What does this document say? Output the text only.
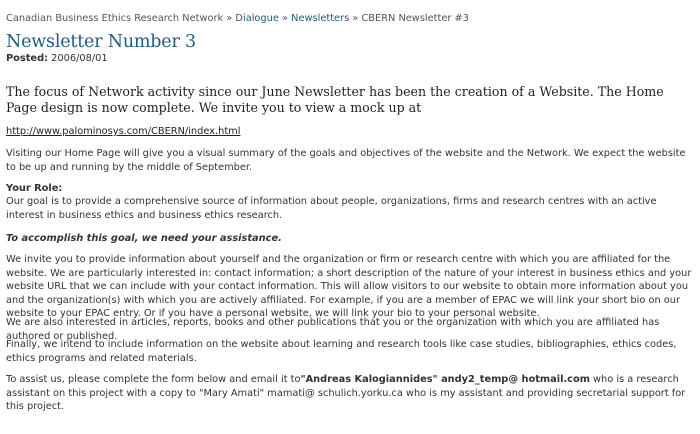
Canadian Business Ethics Research Network » Dialogue » Newsletters » CBERN Newsletter #3
Newsletter Number 3
Posted: 2006/08/01
The focus of Network activity since our June Newsletter has been the creation of a Website. The Home Page design is now complete. We invite you to view a mock up at
http://www.palominosys.com/CBERN/index.html
Visiting our Home Page will give you a visual summary of the goals and objectives of the website and the Network. We expect the website to be up and running by the middle of September.
Your Role:
Our goal is to provide a comprehensive source of information about people, organizations, firms and research centres with an active interest in business ethics and business ethics research.
To accomplish this goal, we need your assistance.
We invite you to provide information about yourself and the organization or firm or research centre with which you are affiliated for the website. We are particularly interested in: contact information; a short description of the nature of your interest in business ethics and your website URL that we can include with your contact information. This will allow visitors to our website to obtain more information about you and the organization(s) with which you are actively affiliated. For example, if you are a member of EPAC we will link your short bio on our website to your EPAC entry. Or if you have a personal website, we will link your bio to your personal website.
We are also interested in articles, reports, books and other publications that you or the organization with which you are affiliated has authored or published.
Finally, we intend to include information on the website about learning and research tools like case studies, bibliographies, ethics codes, ethics programs and related materials.
To assist us, please complete the form below and email it to"Andreas Kalogiannides" andy2_temp@ hotmail.com who is a research assistant on this project with a copy to "Mary Amati" mamati@ schulich.yorku.ca who is my assistant and providing secretarial support for this project.
